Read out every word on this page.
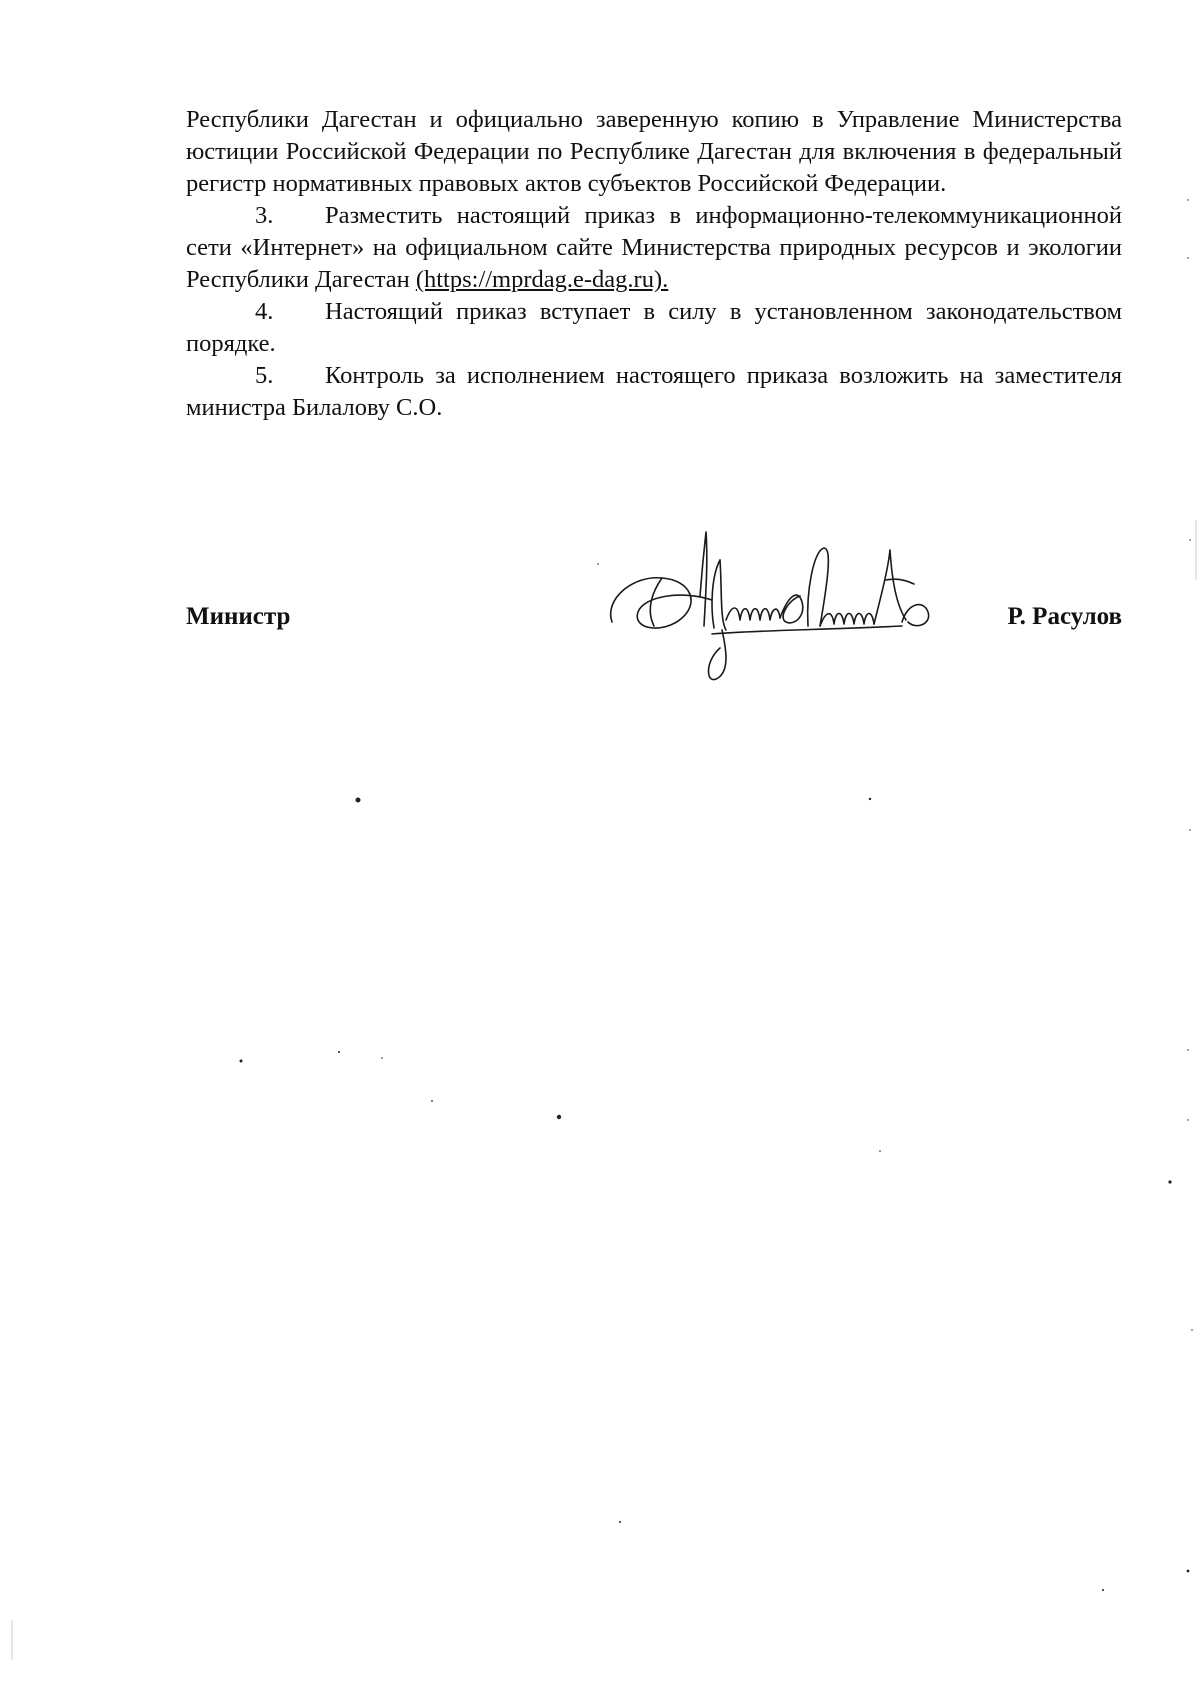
Республики Дагестан и официально заверенную копию в Управление Министерства юстиции Российской Федерации по Республике Дагестан для включения в федеральный регистр нормативных правовых актов субъектов Российской Федерации.

3. Разместить настоящий приказ в информационно-телекоммуникационной сети «Интернет» на официальном сайте Министерства природных ресурсов и экологии Республики Дагестан (https://mprdag.e-dag.ru).

4. Настоящий приказ вступает в силу в установленном законодательством порядке.

5. Контроль за исполнением настоящего приказа возложить на заместителя министра Билалову С.О.

Министр	Р. Расулов
